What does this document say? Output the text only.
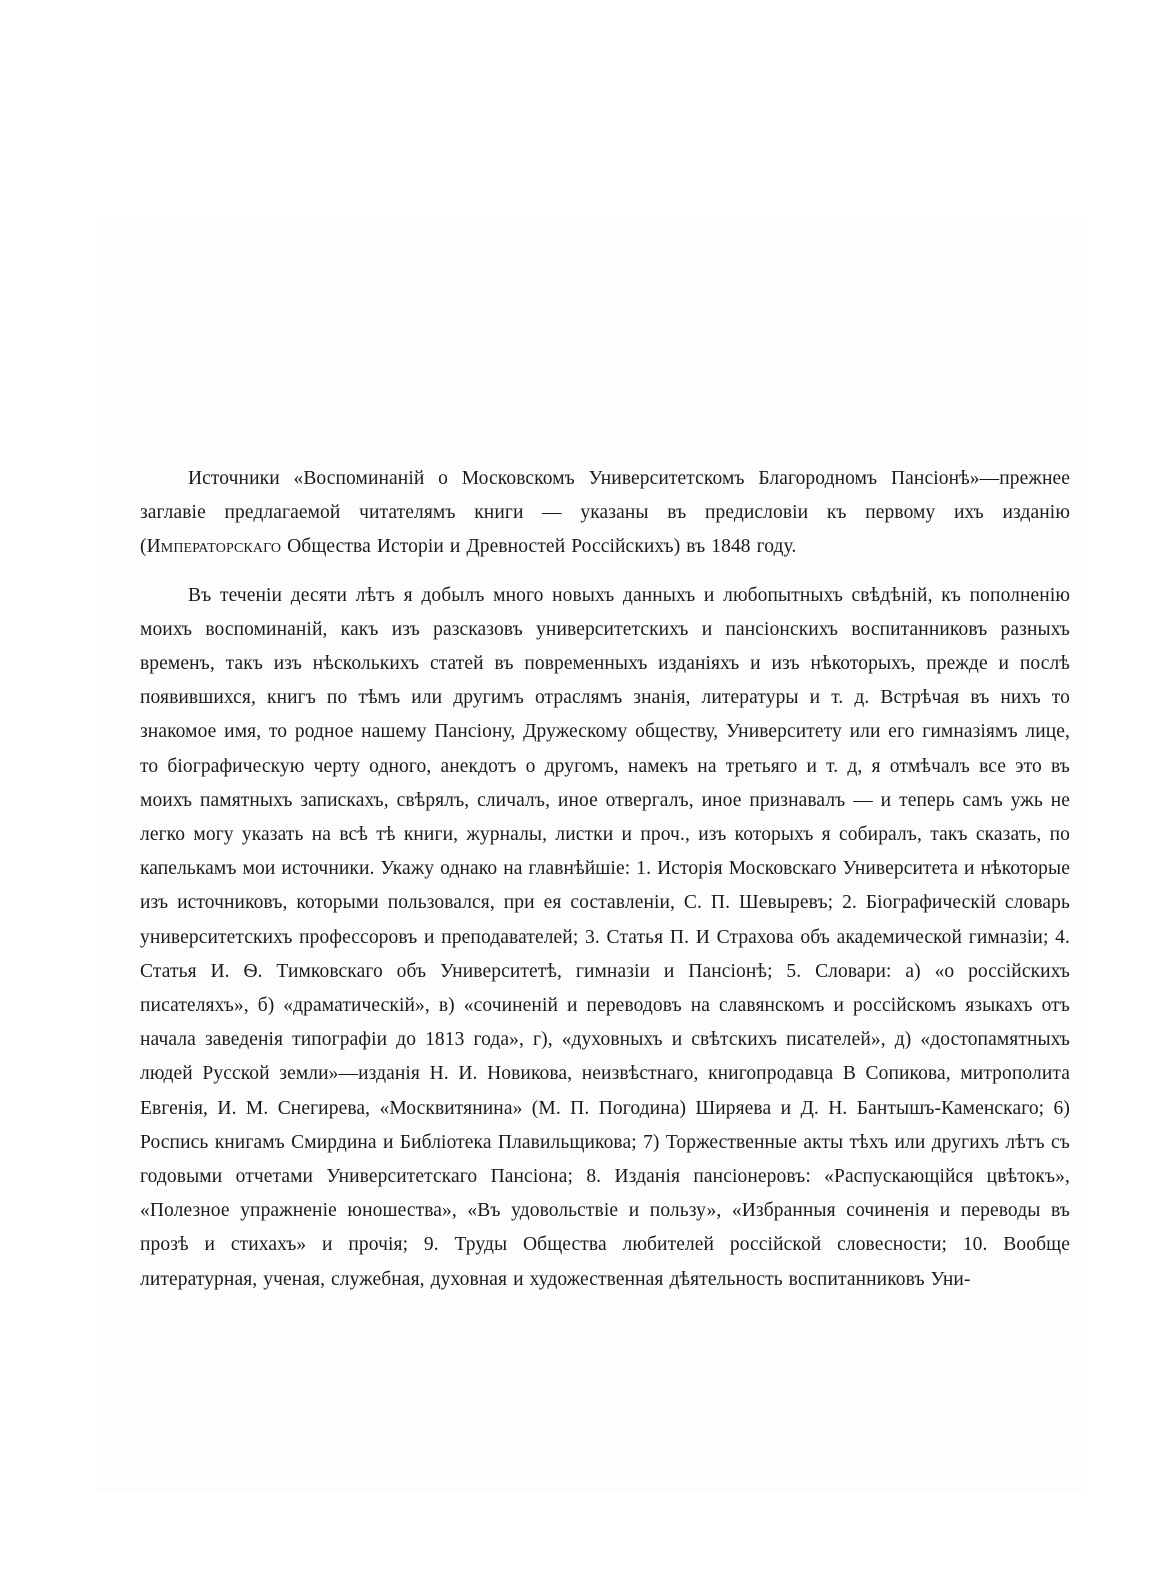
Источники «Воспоминаній о Московскомъ Университетскомъ Благородномъ Пансіонѣ»—прежнее заглавіе предлагаемой читателямъ книги — указаны въ предисловіи къ первому ихъ изданію (Императорскаго Общества Исторіи и Древностей Россійскихъ) въ 1848 году.

Въ теченіи десяти лѣтъ я добылъ много новыхъ данныхъ и любопытныхъ свѣдѣній, къ пополненію моихъ воспоминаній, какъ изъ разсказовъ университетскихъ и пансіонскихъ воспитанниковъ разныхъ временъ, такъ изъ нѣсколькихъ статей въ повременныхъ изданіяхъ и изъ нѣкоторыхъ, прежде и послѣ появившихся, книгъ по тѣмъ или другимъ отраслямъ знанія, литературы и т. д. Встрѣчая въ нихъ то знакомое имя, то родное нашему Пансіону, Дружескому обществу, Университету или его гимназіямъ лице, то біографическую черту одного, анекдотъ о другомъ, намекъ на третьяго и т. д, я отмѣчалъ все это въ моихъ памятныхъ запискахъ, свѣрялъ, сличалъ, иное отвергалъ, иное признавалъ — и теперь самъ ужь не легко могу указать на всѣ тѣ книги, журналы, листки и проч., изъ которыхъ я собиралъ, такъ сказать, по капелькамъ мои источники. Укажу однако на главнѣйшіе: 1. Исторія Московскаго Университета и нѣкоторые изъ источниковъ, которыми пользовался, при ея составленіи, С. П. Шевыревъ; 2. Біографическій словарь университетскихъ профессоровъ и преподавателей; 3. Статья П. И Страхова объ академической гимназіи; 4. Статья И. Ѳ. Тимковскаго объ Университетѣ, гимназіи и Пансіонѣ; 5. Словари: а) «о россійскихъ писателяхъ», б) «драматическій», в) «сочиненій и переводовъ на славянскомъ и россійскомъ языкахъ отъ начала заведенія типографіи до 1813 года», г), «духовныхъ и свѣтскихъ писателей», д) «достопамятныхъ людей Русской земли»—изданія Н. И. Новикова, неизвѣстнаго, книгопродавца В Сопикова, митрополита Евгенія, И. М. Снегирева, «Москвитянина» (М. П. Погодина) Ширяева и Д. Н. Бантышъ-Каменскаго; 6) Роспись книгамъ Смирдина и Библіотека Плавильщикова; 7) Торжественные акты тѣхъ или другихъ лѣтъ съ годовыми отчетами Университетскаго Пансіона; 8. Изданія пансіонеровъ: «Распускающійся цвѣтокъ», «Полезное упражненіе юношества», «Въ удовольствіе и пользу», «Избранныя сочиненія и переводы въ прозѣ и стихахъ» и прочія; 9. Труды Общества любителей россійской словесности; 10. Вообще литературная, ученая, служебная, духовная и художественная дѣятельность воспитанниковъ Уни-
